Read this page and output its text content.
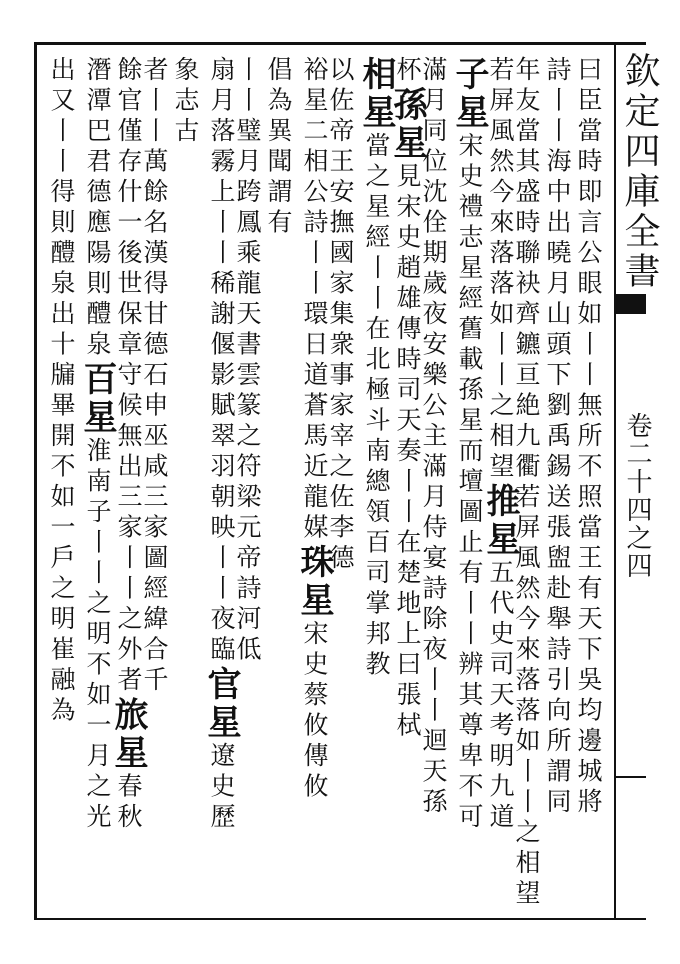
欽定四庫全書
卷二十四之四
曰臣當時即言公眼如丨丨無所不照當王有天下吳均邊城將
詩丨丨海中出曉月山頭下劉禹錫送張盥赴舉詩引向所謂同
年友當其盛時聯袂齊鑣亘絶九衢若屏風然今來落落如丨丨之相望
若屏風然今來落落如丨丨之相望推星五代史司天考明九道
子星宋史禮志星經舊載孫星而壇圖止有丨丨辨其尊卑不可
滿月同位沈佺期歲夜安樂公主滿月侍宴詩除夜丨丨迴天孫
杯孫星見宋史趙雄傳時司天奏丨丨在楚地上曰張栻
相星當之星經丨丨在北極斗南總領百司掌邦教
以佐帝王安撫國家集衆事家宰之佐李德
裕星二相公詩丨丨環日道蒼馬近龍媒珠星宋史蔡攸傳攸
倡為異聞謂有
丨丨璧月跨鳳乘龍天書雲篆之符梁元帝詩河低
扇月落霧上丨丨稀謝偃影賦翠羽朝映丨丨夜臨官星遼史歷
象志古
者丨丨萬餘名漢得甘德石申巫咸三家圖經緯合千
餘官僅存什一後世保章守候無出三家丨丨之外者旅星春秋
潛潭巴君德應陽則醴泉百星淮南子丨丨之明不如一月之光
出又丨丨得則醴泉出十牖畢開不如一戶之明崔融為
